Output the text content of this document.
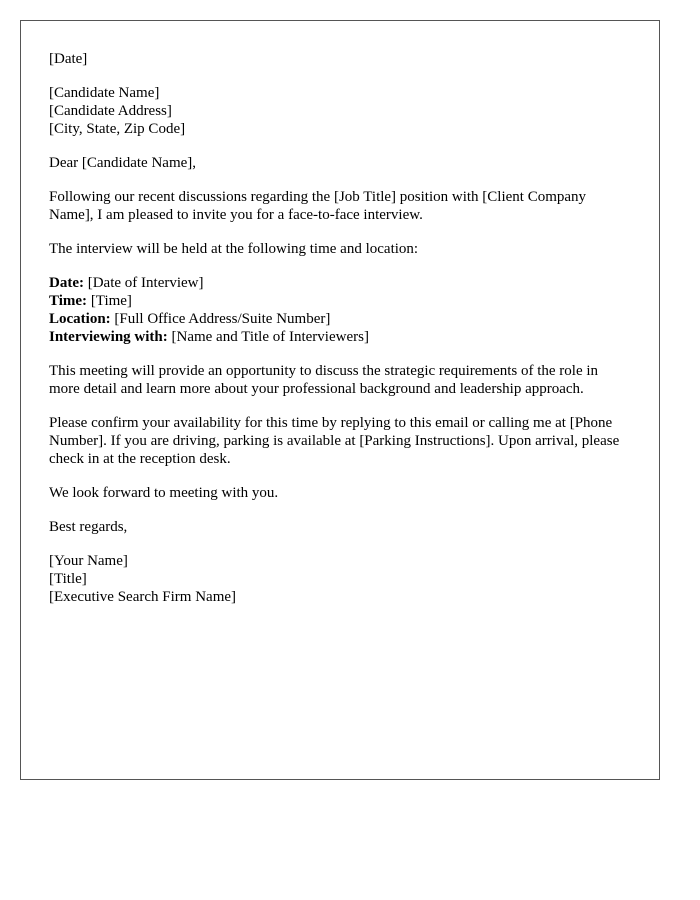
[Date]

[Candidate Name]
[Candidate Address]
[City, State, Zip Code]

Dear [Candidate Name],

Following our recent discussions regarding the [Job Title] position with [Client Company Name], I am pleased to invite you for a face-to-face interview.

The interview will be held at the following time and location:

Date: [Date of Interview]
Time: [Time]
Location: [Full Office Address/Suite Number]
Interviewing with: [Name and Title of Interviewers]

This meeting will provide an opportunity to discuss the strategic requirements of the role in more detail and learn more about your professional background and leadership approach.

Please confirm your availability for this time by replying to this email or calling me at [Phone Number]. If you are driving, parking is available at [Parking Instructions]. Upon arrival, please check in at the reception desk.

We look forward to meeting with you.

Best regards,

[Your Name]
[Title]
[Executive Search Firm Name]
